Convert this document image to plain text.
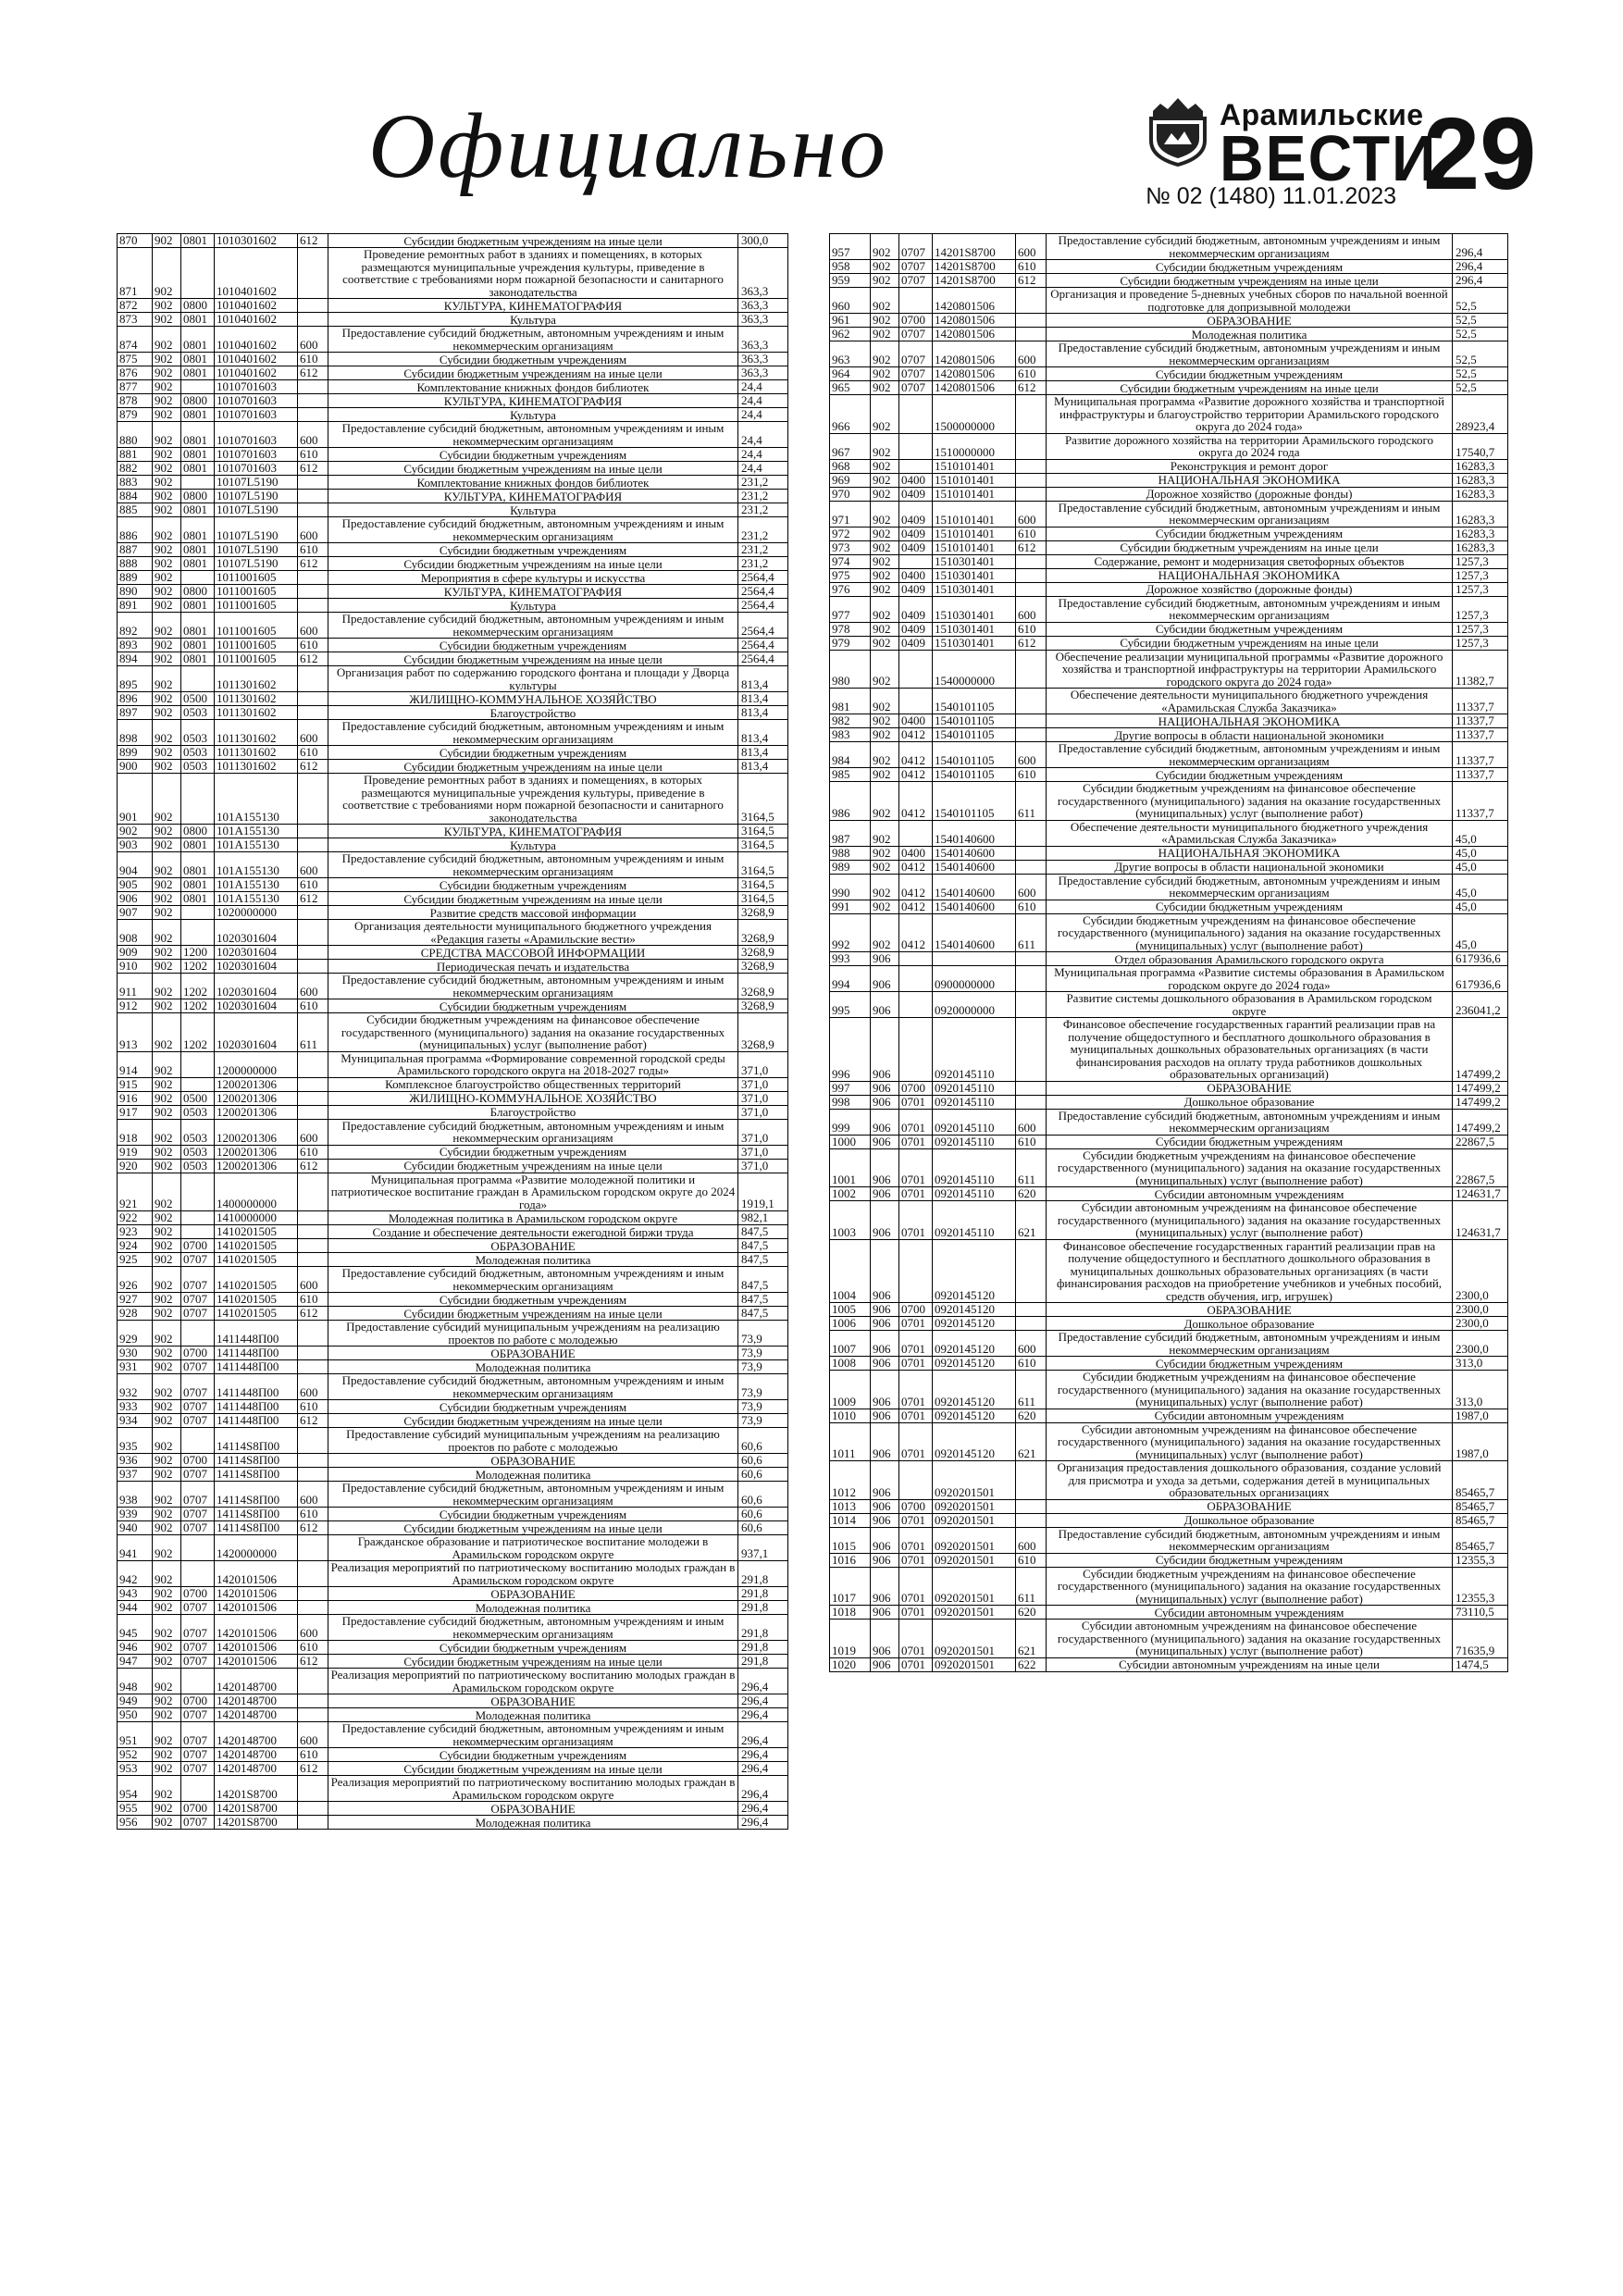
Официально	Арамильские
ВЕСТИ
№ 02 (1480) 11.01.2023 29
870	902	0801	1010301602	612	Субсидии бюджетным учреждениям на иные цели	300,0
871	902		1010401602		Проведение ремонтных работ в зданиях и помещениях, в которых размещаются муниципальные учреждения культуры, приведение в соответствие с требованиями норм пожарной безопасности и санитарного законодательства	363,3
872	902	0800	1010401602		КУЛЬТУРА, КИНЕМАТОГРАФИЯ	363,3
873	902	0801	1010401602		Культура	363,3
874	902	0801	1010401602	600	Предоставление субсидий бюджетным, автономным учреждениям и иным некоммерческим организациям	363,3
875	902	0801	1010401602	610	Субсидии бюджетным учреждениям	363,3
876	902	0801	1010401602	612	Субсидии бюджетным учреждениям на иные цели	363,3
877	902		1010701603		Комплектование книжных фондов библиотек	24,4
878	902	0800	1010701603		КУЛЬТУРА, КИНЕМАТОГРАФИЯ	24,4
879	902	0801	1010701603		Культура	24,4
880	902	0801	1010701603	600	Предоставление субсидий бюджетным, автономным учреждениям и иным некоммерческим организациям	24,4
881	902	0801	1010701603	610	Субсидии бюджетным учреждениям	24,4
882	902	0801	1010701603	612	Субсидии бюджетным учреждениям на иные цели	24,4
883	902		10107L5190		Комплектование книжных фондов библиотек	231,2
884	902	0800	10107L5190		КУЛЬТУРА, КИНЕМАТОГРАФИЯ	231,2
885	902	0801	10107L5190		Культура	231,2
886	902	0801	10107L5190	600	Предоставление субсидий бюджетным, автономным учреждениям и иным некоммерческим организациям	231,2
887	902	0801	10107L5190	610	Субсидии бюджетным учреждениям	231,2
888	902	0801	10107L5190	612	Субсидии бюджетным учреждениям на иные цели	231,2
889	902		1011001605		Мероприятия в сфере культуры и искусства	2564,4
890	902	0800	1011001605		КУЛЬТУРА, КИНЕМАТОГРАФИЯ	2564,4
891	902	0801	1011001605		Культура	2564,4
892	902	0801	1011001605	600	Предоставление субсидий бюджетным, автономным учреждениям и иным некоммерческим организациям	2564,4
893	902	0801	1011001605	610	Субсидии бюджетным учреждениям	2564,4
894	902	0801	1011001605	612	Субсидии бюджетным учреждениям на иные цели	2564,4
895	902		1011301602		Организация работ по содержанию городского фонтана и площади у Дворца культуры	813,4
896	902	0500	1011301602		ЖИЛИЩНО-КОММУНАЛЬНОЕ ХОЗЯЙСТВО	813,4
897	902	0503	1011301602		Благоустройство	813,4
898	902	0503	1011301602	600	Предоставление субсидий бюджетным, автономным учреждениям и иным некоммерческим организациям	813,4
899	902	0503	1011301602	610	Субсидии бюджетным учреждениям	813,4
900	902	0503	1011301602	612	Субсидии бюджетным учреждениям на иные цели	813,4
901	902		101A155130		Проведение ремонтных работ в зданиях и помещениях, в которых размещаются муниципальные учреждения культуры, приведение в соответствие с требованиями норм пожарной безопасности и санитарного законодательства	3164,5
902	902	0800	101A155130		КУЛЬТУРА, КИНЕМАТОГРАФИЯ	3164,5
903	902	0801	101A155130		Культура	3164,5
904	902	0801	101A155130	600	Предоставление субсидий бюджетным, автономным учреждениям и иным некоммерческим организациям	3164,5
905	902	0801	101A155130	610	Субсидии бюджетным учреждениям	3164,5
906	902	0801	101A155130	612	Субсидии бюджетным учреждениям на иные цели	3164,5
907	902		1020000000		Развитие средств массовой информации	3268,9
908	902		1020301604		Организация деятельности муниципального бюджетного учреждения «Редакция газеты «Арамильские вести»	3268,9
909	902	1200	1020301604		СРЕДСТВА МАССОВОЙ ИНФОРМАЦИИ	3268,9
910	902	1202	1020301604		Периодическая печать и издательства	3268,9
911	902	1202	1020301604	600	Предоставление субсидий бюджетным, автономным учреждениям и иным некоммерческим организациям	3268,9
912	902	1202	1020301604	610	Субсидии бюджетным учреждениям	3268,9
913	902	1202	1020301604	611	Субсидии бюджетным учреждениям на финансовое обеспечение государственного (муниципального) задания на оказание государственных (муниципальных) услуг (выполнение работ)	3268,9
914	902		1200000000		Муниципальная программа «Формирование современной городской среды Арамильского городского округа на 2018-2027 годы»	371,0
915	902		1200201306		Комплексное благоустройство общественных территорий	371,0
916	902	0500	1200201306		ЖИЛИЩНО-КОММУНАЛЬНОЕ ХОЗЯЙСТВО	371,0
917	902	0503	1200201306		Благоустройство	371,0
918	902	0503	1200201306	600	Предоставление субсидий бюджетным, автономным учреждениям и иным некоммерческим организациям	371,0
919	902	0503	1200201306	610	Субсидии бюджетным учреждениям	371,0
920	902	0503	1200201306	612	Субсидии бюджетным учреждениям на иные цели	371,0
921	902		1400000000		Муниципальная программа «Развитие молодежной политики и патриотическое воспитание граждан в Арамильском городском округе до 2024 года»	1919,1
922	902		1410000000		Молодежная политика в Арамильском городском округе	982,1
923	902		1410201505		Создание и обеспечение деятельности ежегодной биржи труда	847,5
924	902	0700	1410201505		ОБРАЗОВАНИЕ	847,5
925	902	0707	1410201505		Молодежная политика	847,5
926	902	0707	1410201505	600	Предоставление субсидий бюджетным, автономным учреждениям и иным некоммерческим организациям	847,5
927	902	0707	1410201505	610	Субсидии бюджетным учреждениям	847,5
928	902	0707	1410201505	612	Субсидии бюджетным учреждениям на иные цели	847,5
929	902		1411448П00		Предоставление субсидий муниципальным учреждениям на реализацию проектов по работе с молодежью	73,9
930	902	0700	1411448П00		ОБРАЗОВАНИЕ	73,9
931	902	0707	1411448П00		Молодежная политика	73,9
932	902	0707	1411448П00	600	Предоставление субсидий бюджетным, автономным учреждениям и иным некоммерческим организациям	73,9
933	902	0707	1411448П00	610	Субсидии бюджетным учреждениям	73,9
934	902	0707	1411448П00	612	Субсидии бюджетным учреждениям на иные цели	73,9
935	902		14114S8П00		Предоставление субсидий муниципальным учреждениям на реализацию проектов по работе с молодежью	60,6
936	902	0700	14114S8П00		ОБРАЗОВАНИЕ	60,6
937	902	0707	14114S8П00		Молодежная политика	60,6
938	902	0707	14114S8П00	600	Предоставление субсидий бюджетным, автономным учреждениям и иным некоммерческим организациям	60,6
939	902	0707	14114S8П00	610	Субсидии бюджетным учреждениям	60,6
940	902	0707	14114S8П00	612	Субсидии бюджетным учреждениям на иные цели	60,6
941	902		1420000000		Гражданское образование и патриотическое воспитание молодежи в Арамильском городском округе	937,1
942	902		1420101506		Реализация мероприятий по патриотическому воспитанию молодых граждан в Арамильском городском округе	291,8
943	902	0700	1420101506		ОБРАЗОВАНИЕ	291,8
944	902	0707	1420101506		Молодежная политика	291,8
945	902	0707	1420101506	600	Предоставление субсидий бюджетным, автономным учреждениям и иным некоммерческим организациям	291,8
946	902	0707	1420101506	610	Субсидии бюджетным учреждениям	291,8
947	902	0707	1420101506	612	Субсидии бюджетным учреждениям на иные цели	291,8
948	902		1420148700		Реализация мероприятий по патриотическому воспитанию молодых граждан в Арамильском городском округе	296,4
949	902	0700	1420148700		ОБРАЗОВАНИЕ	296,4
950	902	0707	1420148700		Молодежная политика	296,4
951	902	0707	1420148700	600	Предоставление субсидий бюджетным, автономным учреждениям и иным некоммерческим организациям	296,4
952	902	0707	1420148700	610	Субсидии бюджетным учреждениям	296,4
953	902	0707	1420148700	612	Субсидии бюджетным учреждениям на иные цели	296,4
954	902		14201S8700		Реализация мероприятий по патриотическому воспитанию молодых граждан в Арамильском городском округе	296,4
955	902	0700	14201S8700		ОБРАЗОВАНИЕ	296,4
956	902	0707	14201S8700		Молодежная политика	296,4
957	902	0707	14201S8700	600	Предоставление субсидий бюджетным, автономным учреждениям и иным некоммерческим организациям	296,4
958	902	0707	14201S8700	610	Субсидии бюджетным учреждениям	296,4
959	902	0707	14201S8700	612	Субсидии бюджетным учреждениям на иные цели	296,4
960	902		1420801506		Организация и проведение 5-дневных учебных сборов по начальной военной подготовке для допризывной молодежи	52,5
961	902	0700	1420801506		ОБРАЗОВАНИЕ	52,5
962	902	0707	1420801506		Молодежная политика	52,5
963	902	0707	1420801506	600	Предоставление субсидий бюджетным, автономным учреждениям и иным некоммерческим организациям	52,5
964	902	0707	1420801506	610	Субсидии бюджетным учреждениям	52,5
965	902	0707	1420801506	612	Субсидии бюджетным учреждениям на иные цели	52,5
966	902		1500000000		Муниципальная программа «Развитие дорожного хозяйства и транспортной инфраструктуры и благоустройство территории Арамильского городского округа до 2024 года»	28923,4
967	902		1510000000		Развитие дорожного хозяйства на территории Арамильского городского округа до 2024 года	17540,7
968	902		1510101401		Реконструкция и ремонт дорог	16283,3
969	902	0400	1510101401		НАЦИОНАЛЬНАЯ ЭКОНОМИКА	16283,3
970	902	0409	1510101401		Дорожное хозяйство (дорожные фонды)	16283,3
971	902	0409	1510101401	600	Предоставление субсидий бюджетным, автономным учреждениям и иным некоммерческим организациям	16283,3
972	902	0409	1510101401	610	Субсидии бюджетным учреждениям	16283,3
973	902	0409	1510101401	612	Субсидии бюджетным учреждениям на иные цели	16283,3
974	902		1510301401		Содержание, ремонт и модернизация светофорных объектов	1257,3
975	902	0400	1510301401		НАЦИОНАЛЬНАЯ ЭКОНОМИКА	1257,3
976	902	0409	1510301401		Дорожное хозяйство (дорожные фонды)	1257,3
977	902	0409	1510301401	600	Предоставление субсидий бюджетным, автономным учреждениям и иным некоммерческим организациям	1257,3
978	902	0409	1510301401	610	Субсидии бюджетным учреждениям	1257,3
979	902	0409	1510301401	612	Субсидии бюджетным учреждениям на иные цели	1257,3
980	902		1540000000		Обеспечение реализации муниципальной программы «Развитие дорожного хозяйства и транспортной инфраструктуры на территории Арамильского городского округа до 2024 года»	11382,7
981	902		1540101105		Обеспечение деятельности муниципального бюджетного учреждения «Арамильская Служба Заказчика»	11337,7
982	902	0400	1540101105		НАЦИОНАЛЬНАЯ ЭКОНОМИКА	11337,7
983	902	0412	1540101105		Другие вопросы в области национальной экономики	11337,7
984	902	0412	1540101105	600	Предоставление субсидий бюджетным, автономным учреждениям и иным некоммерческим организациям	11337,7
985	902	0412	1540101105	610	Субсидии бюджетным учреждениям	11337,7
986	902	0412	1540101105	611	Субсидии бюджетным учреждениям на финансовое обеспечение государственного (муниципального) задания на оказание государственных (муниципальных) услуг (выполнение работ)	11337,7
987	902		1540140600		Обеспечение деятельности муниципального бюджетного учреждения «Арамильская Служба Заказчика»	45,0
988	902	0400	1540140600		НАЦИОНАЛЬНАЯ ЭКОНОМИКА	45,0
989	902	0412	1540140600		Другие вопросы в области национальной экономики	45,0
990	902	0412	1540140600	600	Предоставление субсидий бюджетным, автономным учреждениям и иным некоммерческим организациям	45,0
991	902	0412	1540140600	610	Субсидии бюджетным учреждениям	45,0
992	902	0412	1540140600	611	Субсидии бюджетным учреждениям на финансовое обеспечение государственного (муниципального) задания на оказание государственных (муниципальных) услуг (выполнение работ)	45,0
993	906				Отдел образования Арамильского городского округа	617936,6
994	906		0900000000		Муниципальная программа «Развитие системы образования в Арамильском городском округе до 2024 года»	617936,6
995	906		0920000000		Развитие системы дошкольного образования в Арамильском городском округе	236041,2
996	906		0920145110		Финансовое обеспечение государственных гарантий реализации прав на получение общедоступного и бесплатного дошкольного образования в муниципальных дошкольных образовательных организациях (в части финансирования расходов на оплату труда работников дошкольных образовательных организаций)	147499,2
997	906	0700	0920145110		ОБРАЗОВАНИЕ	147499,2
998	906	0701	0920145110		Дошкольное образование	147499,2
999	906	0701	0920145110	600	Предоставление субсидий бюджетным, автономным учреждениям и иным некоммерческим организациям	147499,2
1000	906	0701	0920145110	610	Субсидии бюджетным учреждениям	22867,5
1001	906	0701	0920145110	611	Субсидии бюджетным учреждениям на финансовое обеспечение государственного (муниципального) задания на оказание государственных (муниципальных) услуг (выполнение работ)	22867,5
1002	906	0701	0920145110	620	Субсидии автономным учреждениям	124631,7
1003	906	0701	0920145110	621	Субсидии автономным учреждениям на финансовое обеспечение государственного (муниципального) задания на оказание государственных (муниципальных) услуг (выполнение работ)	124631,7
1004	906		0920145120		Финансовое обеспечение государственных гарантий реализации прав на получение общедоступного и бесплатного дошкольного образования в муниципальных дошкольных образовательных организациях (в части финансирования расходов на приобретение учебников и учебных пособий, средств обучения, игр, игрушек)	2300,0
1005	906	0700	0920145120		ОБРАЗОВАНИЕ	2300,0
1006	906	0701	0920145120		Дошкольное образование	2300,0
1007	906	0701	0920145120	600	Предоставление субсидий бюджетным, автономным учреждениям и иным некоммерческим организациям	2300,0
1008	906	0701	0920145120	610	Субсидии бюджетным учреждениям	313,0
1009	906	0701	0920145120	611	Субсидии бюджетным учреждениям на финансовое обеспечение государственного (муниципального) задания на оказание государственных (муниципальных) услуг (выполнение работ)	313,0
1010	906	0701	0920145120	620	Субсидии автономным учреждениям	1987,0
1011	906	0701	0920145120	621	Субсидии автономным учреждениям на финансовое обеспечение государственного (муниципального) задания на оказание государственных (муниципальных) услуг (выполнение работ)	1987,0
1012	906		0920201501		Организация предоставления дошкольного образования, создание условий для присмотра и ухода за детьми, содержания детей в муниципальных образовательных организациях	85465,7
1013	906	0700	0920201501		ОБРАЗОВАНИЕ	85465,7
1014	906	0701	0920201501		Дошкольное образование	85465,7
1015	906	0701	0920201501	600	Предоставление субсидий бюджетным, автономным учреждениям и иным некоммерческим организациям	85465,7
1016	906	0701	0920201501	610	Субсидии бюджетным учреждениям	12355,3
1017	906	0701	0920201501	611	Субсидии бюджетным учреждениям на финансовое обеспечение государственного (муниципального) задания на оказание государственных (муниципальных) услуг (выполнение работ)	12355,3
1018	906	0701	0920201501	620	Субсидии автономным учреждениям	73110,5
1019	906	0701	0920201501	621	Субсидии автономным учреждениям на финансовое обеспечение государственного (муниципального) задания на оказание государственных (муниципальных) услуг (выполнение работ)	71635,9
1020	906	0701	0920201501	622	Субсидии автономным учреждениям на иные цели	1474,5
